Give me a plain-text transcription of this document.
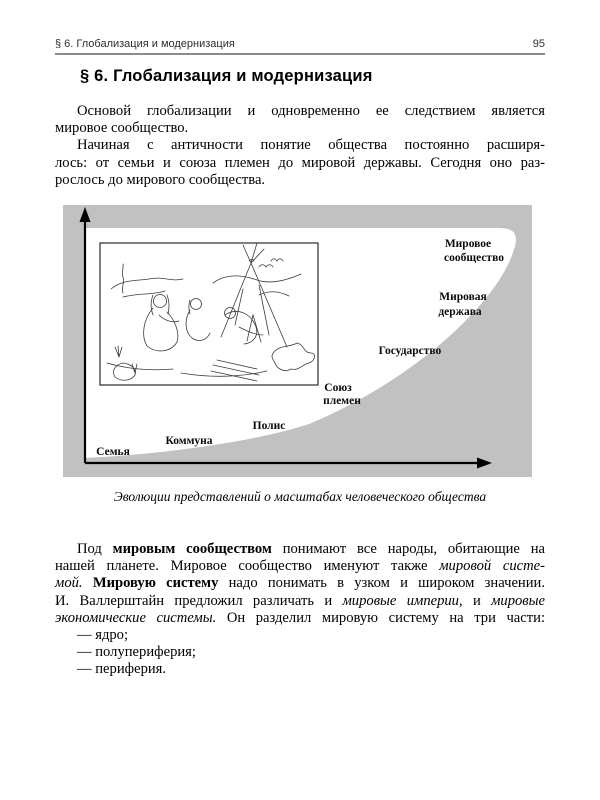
§ 6. Глобализация и модернизация	95
§ 6. Глобализация и модернизация
Основой глобализации и одновременно ее следствием является
мировое сообщество.
Начиная с античности понятие общества постоянно расширя-
лось: от семьи и союза племен до мировой державы. Сегодня оно раз-
рослось до мирового сообщества.
Семья
Коммуна
Полис
Союз
племен
Государство
Мировая
держава
Мировое
сообщество
Эволюции представлений о масштабах человеческого общества
Под мировым сообществом понимают все народы, обитающие на
нашей планете. Мировое сообщество именуют также мировой систе-
мой. Мировую систему надо понимать в узком и широком значении.
И. Валлерштайн предложил различать и мировые империи, и мировые
экономические системы. Он разделил мировую систему на три части:
— ядро;
— полупериферия;
— периферия.
